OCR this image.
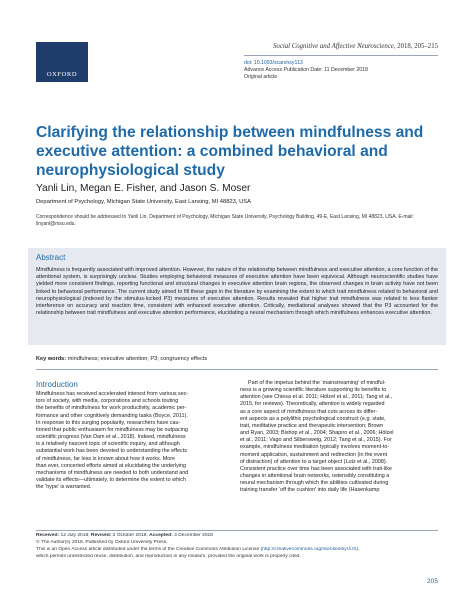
OXFORD
Social Cognitive and Affective Neuroscience, 2018, 205–215
doi: 10.1093/scan/nsy113
Advance Access Publication Date: 11 December 2018
Original article
Clarifying the relationship between mindfulness and executive attention: a combined behavioral and neurophysiological study
Yanli Lin, Megan E. Fisher, and Jason S. Moser
Department of Psychology, Michigan State University, East Lansing, MI 48823, USA
Correspondence should be addressed to Yanli Lin, Department of Psychology, Michigan State University, Psychology Building, 49-E, East Lansing, MI 48823, USA. E-mail: linyanl@msu.edu.
Abstract

Mindfulness is frequently associated with improved attention. However, the nature of the relationship between mindfulness and executive attention, a core function of the attentional system, is surprisingly unclear. Studies employing behavioral measures of executive attention have been equivocal. Although neuroscientific studies have yielded more consistent findings, reporting functional and structural changes in executive attention brain regions, the observed changes in brain activity have not been linked to behavioral performance. The current study aimed to fill these gaps in the literature by examining the extent to which trait mindfulness related to behavioral and neurophysiological (indexed by the stimulus-locked P3) measures of executive attention. Results revealed that higher trait mindfulness was related to less flanker interference on accuracy and reaction time, consistent with enhanced executive attention. Critically, mediational analyses showed that the P3 accounted for the relationship between trait mindfulness and executive attention performance, elucidating a neural mechanism through which mindfulness enhances executive attention.

Key words: mindfulness; executive attention; P3; congruency effects
Introduction
Mindfulness has received accelerated interest from various sec-
tors of society, with media, corporations and schools touting
the benefits of mindfulness for work productivity, academic per-
formance and other cognitively demanding tasks (Boyce, 2011).
In response to this surging popularity, researchers have cau-
tioned that public enthusiasm for mindfulness may be outpacing
scientific progress (Van Dam et al., 2018). Indeed, mindfulness
is a relatively nascent topic of scientific inquiry, and although
substantial work has been devoted to understanding the effects
of mindfulness, far less is known about how it works. More
than ever, concerted efforts aimed at elucidating the underlying
mechanisms of mindfulness are needed to both understand and
validate its effects—ultimately, to determine the extent to which
the ‘hype’ is warranted.
Part of the impetus behind the ‘mainstreaming’ of mindful-
ness is a growing scientific literature supporting its benefits to
attention (see Chiesa et al. 2011; Hölzel et al., 2011; Tang et al.,
2015, for reviews). Theoretically, attention is widely regarded
as a core aspect of mindfulness that cuts across its differ-
ent aspects as a polylithic psychological construct (e.g. state,
trait, meditative practice and therapeutic intervention; Brown
and Ryan, 2003; Bishop et al., 2004; Shapiro et al., 2006; Hölzel
et al., 2011; Vago and Silbersweig, 2012; Tang et al., 2015). For
example, mindfulness meditation typically involves moment-to-
moment application, sustainment and redirection (in the event
of distraction) of attention to a target object (Lutz et al., 2008).
Consistent practice over time has been associated with trait-like
changes in attentional brain networks, ostensibly constituting a
neural mechanism through which the abilities cultivated during
training transfer ‘off the cushion’ into daily life (Hasenkamp
Received: 12 July 2018; Revised: 2 October 2018; Accepted: 3 December 2018
© The Author(s) 2018. Published by Oxford University Press.
This is an Open Access article distributed under the terms of the Creative Commons Attribution License (http://creativecommons.org/licenses/by/4.0/),
which permits unrestricted reuse, distribution, and reproduction in any medium, provided the original work is properly cited.
205
